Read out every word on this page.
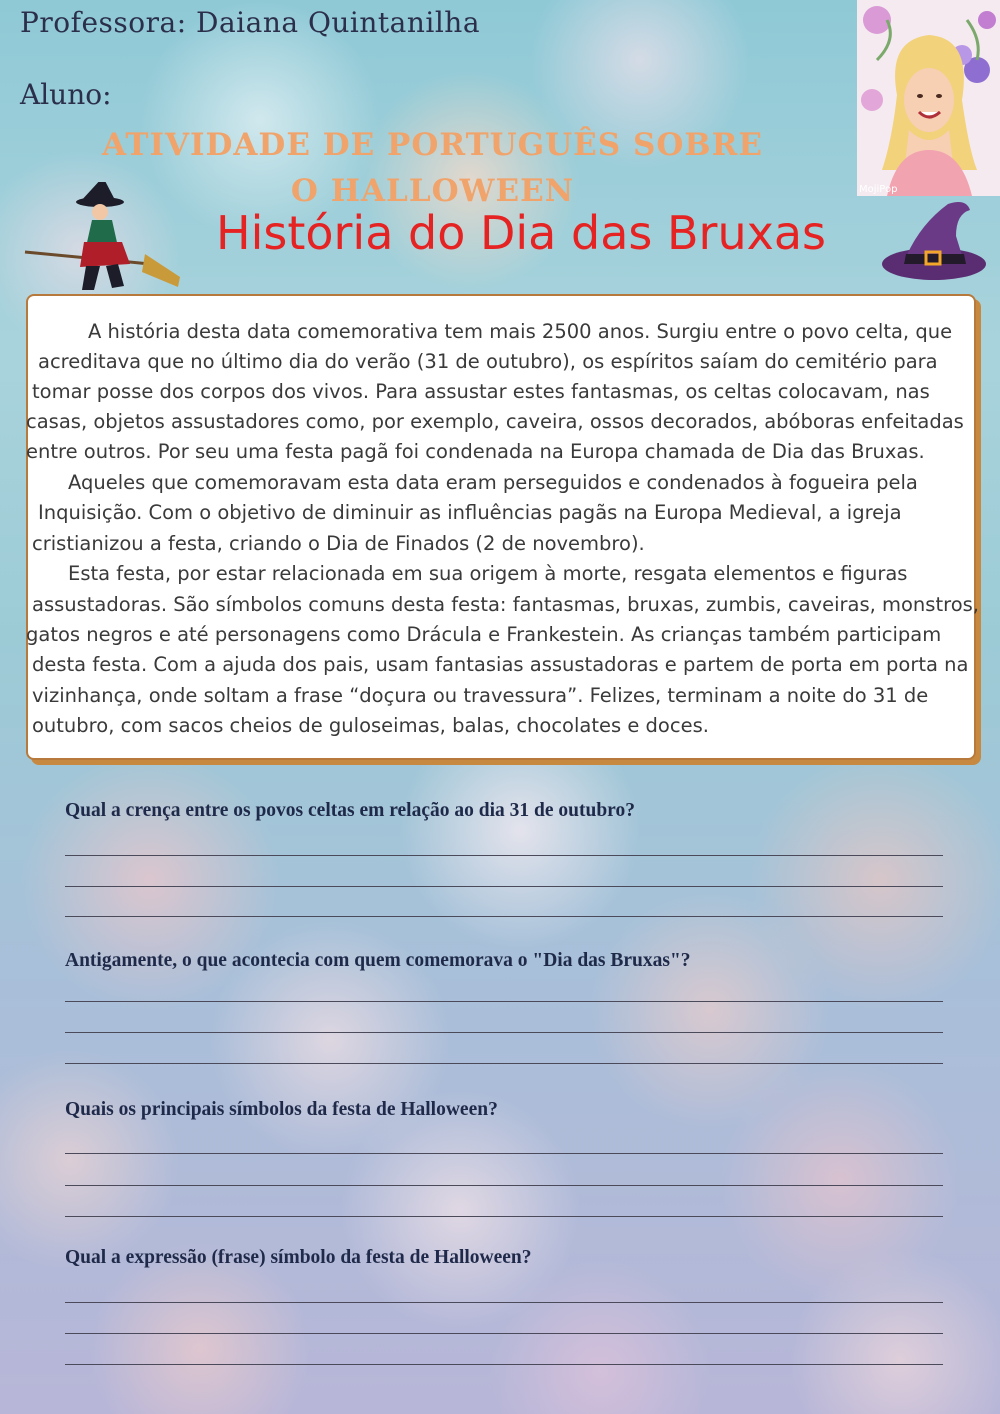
Professora: Daiana Quintanilha
Aluno:
ATIVIDADE DE PORTUGUÊS SOBRE O HALLOWEEN	MojiPop
História do Dia das Bruxas
A história desta data comemorativa tem mais 2500 anos. Surgiu entre o povo celta, que
acreditava que no último dia do verão (31 de outubro), os espíritos saíam do cemitério para
tomar posse dos corpos dos vivos. Para assustar estes fantasmas, os celtas colocavam, nas
casas, objetos assustadores como, por exemplo, caveira, ossos decorados, abóboras enfeitadas
entre outros. Por seu uma festa pagã foi condenada na Europa chamada de Dia das Bruxas.
Aqueles que comemoravam esta data eram perseguidos e condenados à fogueira pela
Inquisição. Com o objetivo de diminuir as influências pagãs na Europa Medieval, a igreja
cristianizou a festa, criando o Dia de Finados (2 de novembro).
Esta festa, por estar relacionada em sua origem à morte, resgata elementos e figuras
assustadoras. São símbolos comuns desta festa: fantasmas, bruxas, zumbis, caveiras, monstros,
gatos negros e até personagens como Drácula e Frankestein. As crianças também participam
desta festa. Com a ajuda dos pais, usam fantasias assustadoras e partem de porta em porta na
vizinhança, onde soltam a frase “doçura ou travessura”. Felizes, terminam a noite do 31 de
outubro, com sacos cheios de guloseimas, balas, chocolates e doces.
Qual a crença entre os povos celtas em relação ao dia 31 de outubro?
Antigamente, o que acontecia com quem comemorava o "Dia das Bruxas"?
Quais os principais símbolos da festa de Halloween?
Qual a expressão (frase) símbolo da festa de Halloween?
